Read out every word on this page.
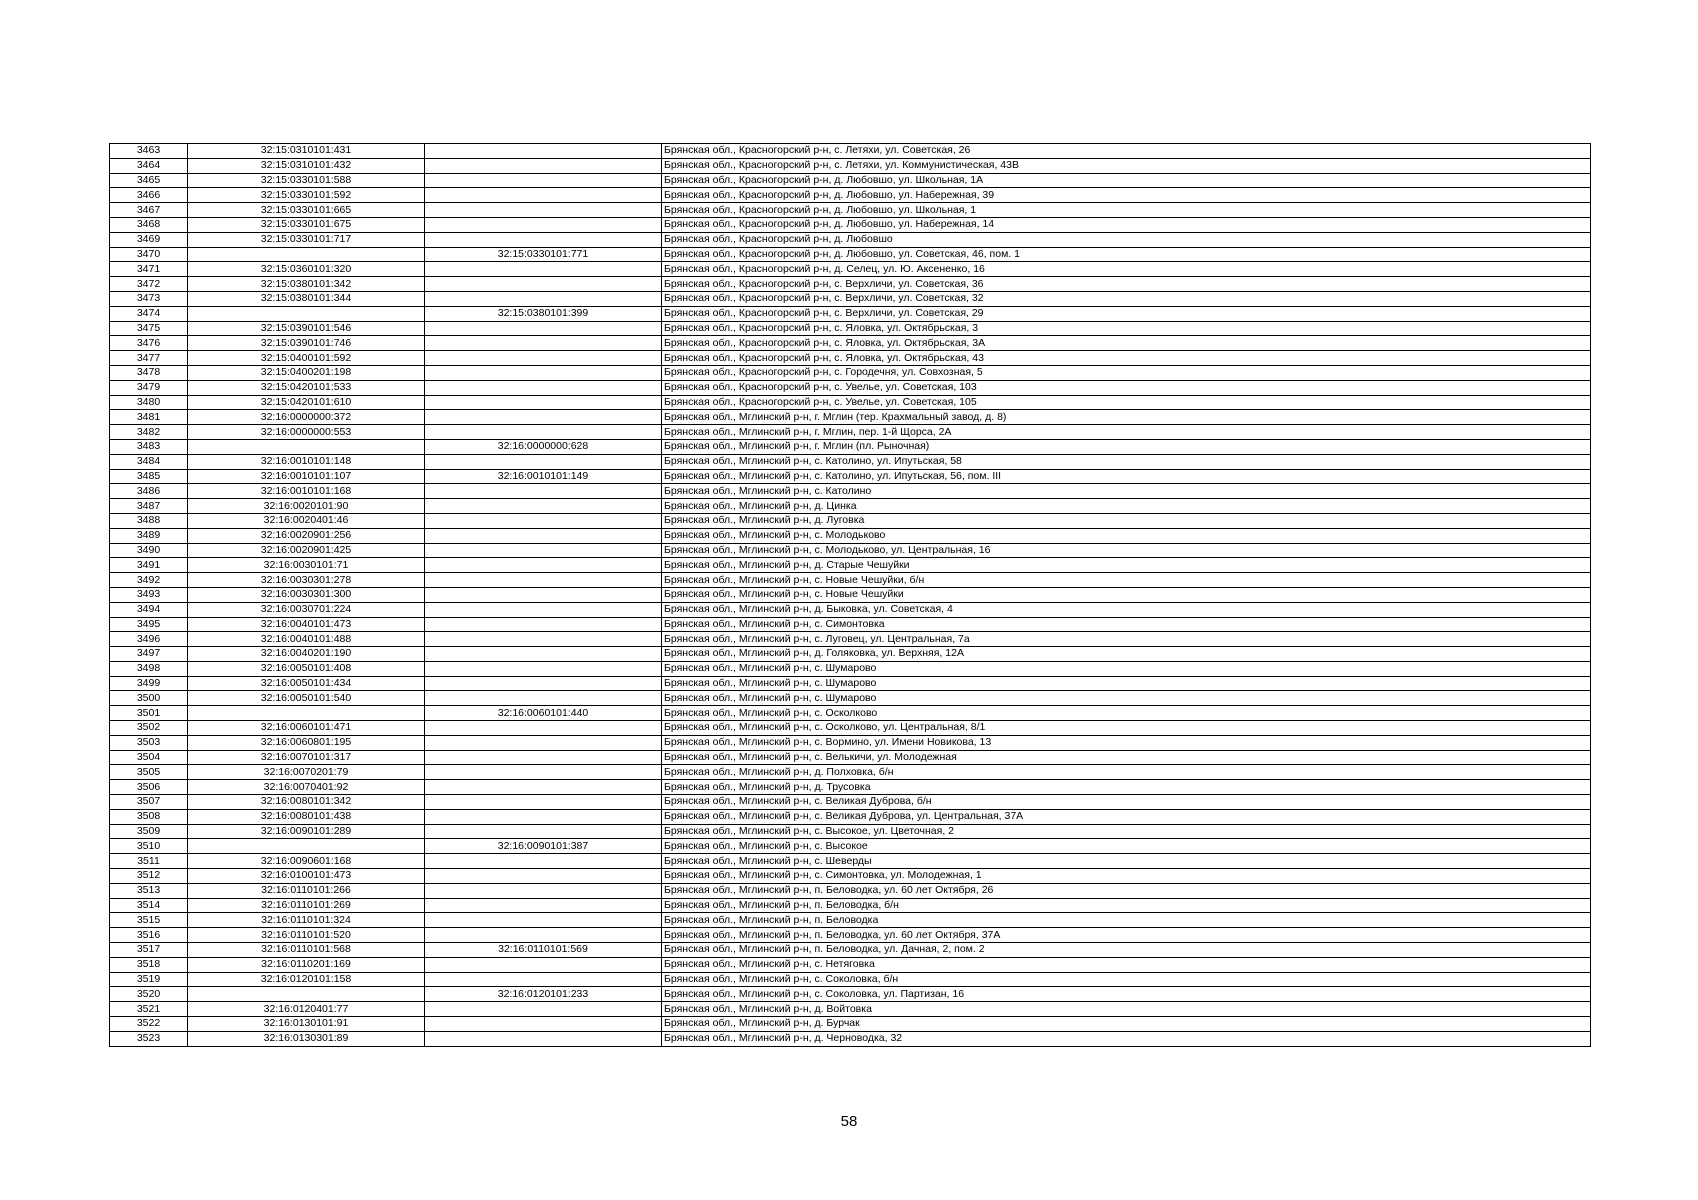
3463	32:15:0310101:431		Брянская обл., Красногорский р-н, с. Летяхи, ул. Советская, 26
3464	32:15:0310101:432		Брянская обл., Красногорский р-н, с. Летяхи, ул. Коммунистическая, 43В
3465	32:15:0330101:588		Брянская обл., Красногорский р-н, д. Любовшо, ул. Школьная, 1А
3466	32:15:0330101:592		Брянская обл., Красногорский р-н, д. Любовшо, ул. Набережная, 39
3467	32:15:0330101:665		Брянская обл., Красногорский р-н, д. Любовшо, ул. Школьная, 1
3468	32:15:0330101:675		Брянская обл., Красногорский р-н, д. Любовшо, ул. Набережная, 14
3469	32:15:0330101:717		Брянская обл., Красногорский р-н, д. Любовшо
3470		32:15:0330101:771	Брянская обл., Красногорский р-н, д. Любовшо, ул. Советская, 46, пом. 1
3471	32:15:0360101:320		Брянская обл., Красногорский р-н, д. Селец, ул. Ю. Аксененко, 16
3472	32:15:0380101:342		Брянская обл., Красногорский р-н, с. Верхличи, ул. Советская, 36
3473	32:15:0380101:344		Брянская обл., Красногорский р-н, с. Верхличи, ул. Советская, 32
3474		32:15:0380101:399	Брянская обл., Красногорский р-н, с. Верхличи, ул. Советская, 29
3475	32:15:0390101:546		Брянская обл., Красногорский р-н, с. Яловка, ул. Октябрьская, 3
3476	32:15:0390101:746		Брянская обл., Красногорский р-н, с. Яловка, ул. Октябрьская, 3А
3477	32:15:0400101:592		Брянская обл., Красногорский р-н, с. Яловка, ул. Октябрьская, 43
3478	32:15:0400201:198		Брянская обл., Красногорский р-н, с. Городечня, ул. Совхозная, 5
3479	32:15:0420101:533		Брянская обл., Красногорский р-н, с. Увелье, ул. Советская, 103
3480	32:15:0420101:610		Брянская обл., Красногорский р-н, с. Увелье, ул. Советская, 105
3481	32:16:0000000:372		Брянская обл., Мглинский р-н, г. Мглин (тер. Крахмальный завод, д. 8)
3482	32:16:0000000:553		Брянская обл., Мглинский р-н, г. Мглин, пер. 1-й Щорса, 2А
3483		32:16:0000000:628	Брянская обл., Мглинский р-н, г. Мглин (пл. Рыночная)
3484	32:16:0010101:148		Брянская обл., Мглинский р-н, с. Католино, ул. Ипутьская, 58
3485	32:16:0010101:107	32:16:0010101:149	Брянская обл., Мглинский р-н, с. Католино, ул. Ипутьская, 56, пом. III
3486	32:16:0010101:168		Брянская обл., Мглинский р-н, с. Католино
3487	32:16:0020101:90		Брянская обл., Мглинский р-н, д. Цинка
3488	32:16:0020401:46		Брянская обл., Мглинский р-н, д. Луговка
3489	32:16:0020901:256		Брянская обл., Мглинский р-н, с. Молодьково
3490	32:16:0020901:425		Брянская обл., Мглинский р-н, с. Молодьково, ул. Центральная, 16
3491	32:16:0030101:71		Брянская обл., Мглинский р-н, д. Старые Чешуйки
3492	32:16:0030301:278		Брянская обл., Мглинский р-н, с. Новые Чешуйки, б/н
3493	32:16:0030301:300		Брянская обл., Мглинский р-н, с. Новые Чешуйки
3494	32:16:0030701:224		Брянская обл., Мглинский р-н, д. Быковка, ул. Советская, 4
3495	32:16:0040101:473		Брянская обл., Мглинский р-н, с. Симонтовка
3496	32:16:0040101:488		Брянская обл., Мглинский р-н, с. Луговец, ул. Центральная, 7а
3497	32:16:0040201:190		Брянская обл., Мглинский р-н, д. Голяковка, ул. Верхняя, 12А
3498	32:16:0050101:408		Брянская обл., Мглинский р-н, с. Шумарово
3499	32:16:0050101:434		Брянская обл., Мглинский р-н, с. Шумарово
3500	32:16:0050101:540		Брянская обл., Мглинский р-н, с. Шумарово
3501		32:16:0060101:440	Брянская обл., Мглинский р-н, с. Осколково
3502	32:16:0060101:471		Брянская обл., Мглинский р-н, с. Осколково, ул. Центральная, 8/1
3503	32:16:0060801:195		Брянская обл., Мглинский р-н, с. Вормино, ул. Имени Новикова, 13
3504	32:16:0070101:317		Брянская обл., Мглинский р-н, с. Велькичи, ул. Молодежная
3505	32:16:0070201:79		Брянская обл., Мглинский р-н, д. Полховка, б/н
3506	32:16:0070401:92		Брянская обл., Мглинский р-н, д. Трусовка
3507	32:16:0080101:342		Брянская обл., Мглинский р-н, с. Великая Дуброва, б/н
3508	32:16:0080101:438		Брянская обл., Мглинский р-н, с. Великая Дуброва, ул. Центральная, 37А
3509	32:16:0090101:289		Брянская обл., Мглинский р-н, с. Высокое, ул. Цветочная, 2
3510		32:16:0090101:387	Брянская обл., Мглинский р-н, с. Высокое
3511	32:16:0090601:168		Брянская обл., Мглинский р-н, с. Шеверды
3512	32:16:0100101:473		Брянская обл., Мглинский р-н, с. Симонтовка, ул. Молодежная, 1
3513	32:16:0110101:266		Брянская обл., Мглинский р-н, п. Беловодка, ул. 60 лет Октября, 26
3514	32:16:0110101:269		Брянская обл., Мглинский р-н, п. Беловодка, б/н
3515	32:16:0110101:324		Брянская обл., Мглинский р-н, п. Беловодка
3516	32:16:0110101:520		Брянская обл., Мглинский р-н, п. Беловодка, ул. 60 лет Октября, 37А
3517	32:16:0110101:568	32:16:0110101:569	Брянская обл., Мглинский р-н, п. Беловодка, ул. Дачная, 2, пом. 2
3518	32:16:0110201:169		Брянская обл., Мглинский р-н, с. Нетяговка
3519	32:16:0120101:158		Брянская обл., Мглинский р-н, с. Соколовка, б/н
3520		32:16:0120101:233	Брянская обл., Мглинский р-н, с. Соколовка, ул. Партизан, 16
3521	32:16:0120401:77		Брянская обл., Мглинский р-н, д. Войтовка
3522	32:16:0130101:91		Брянская обл., Мглинский р-н, д. Бурчак
3523	32:16:0130301:89		Брянская обл., Мглинский р-н, д. Черноводка, 32
58
